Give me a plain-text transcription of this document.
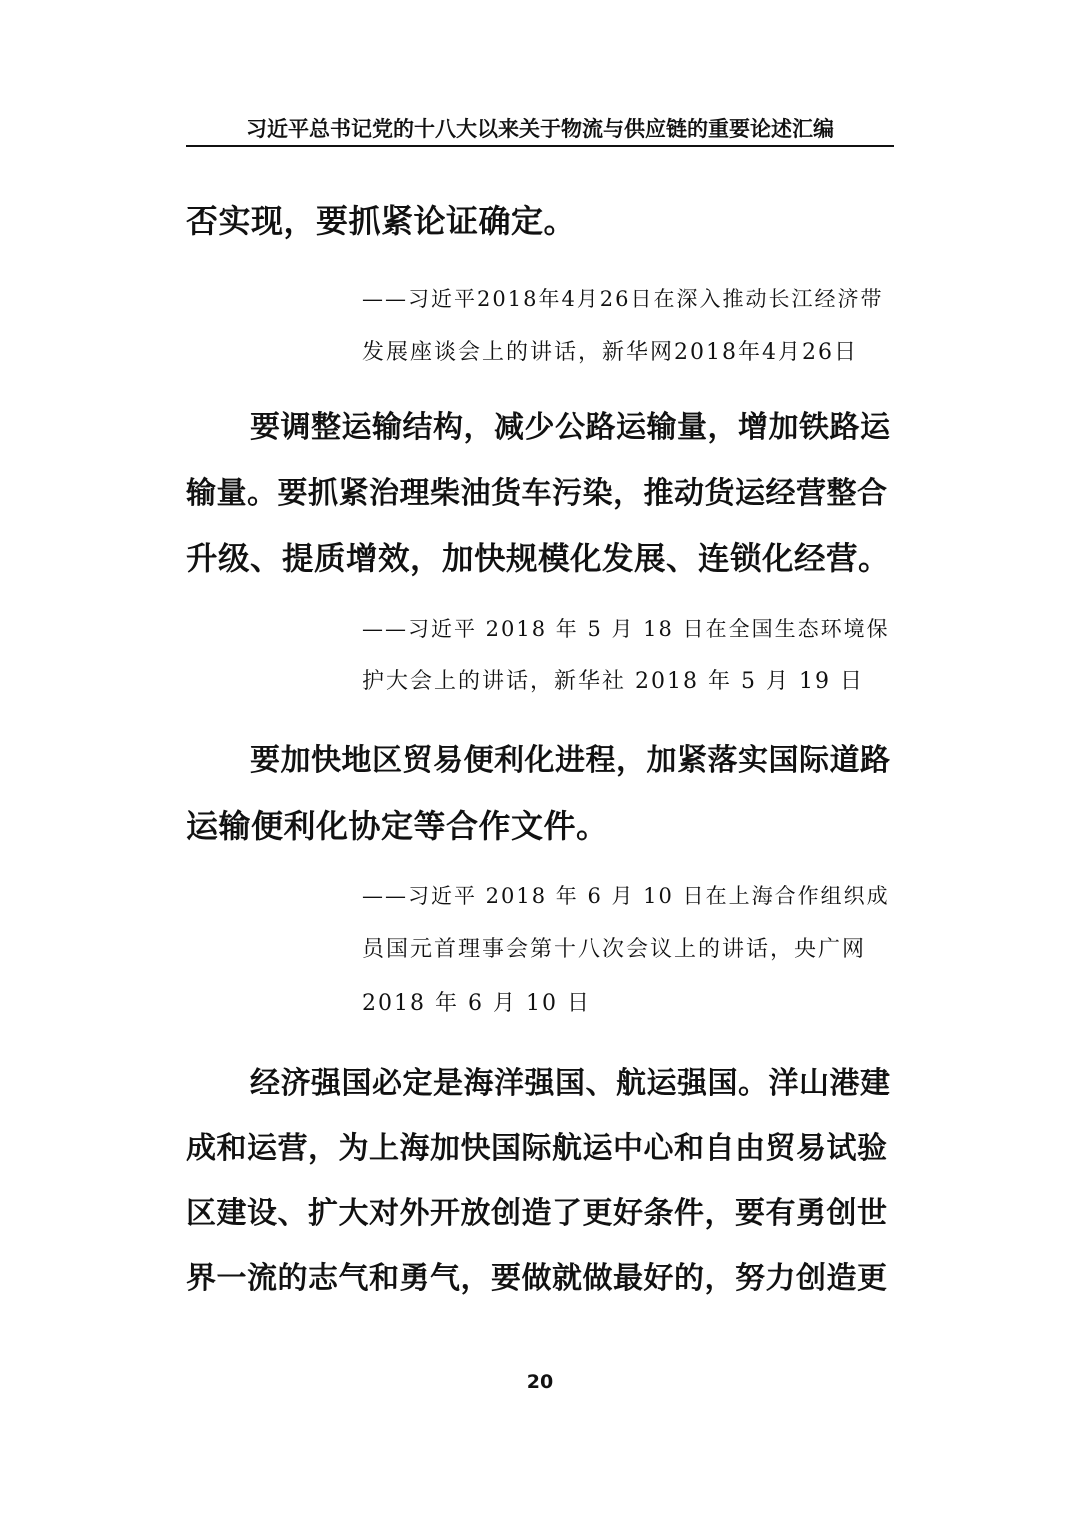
习近平总书记党的十八大以来关于物流与供应链的重要论述汇编
否实现，要抓紧论证确定。
——习近平2018年4月26日在深入推动长江经济带
发展座谈会上的讲话，新华网2018年4月26日
要调整运输结构，减少公路运输量，增加铁路运
输量。要抓紧治理柴油货车污染，推动货运经营整合
升级、提质增效，加快规模化发展、连锁化经营。
——习近平 2018 年 5 月 18 日在全国生态环境保
护大会上的讲话，新华社 2018 年 5 月 19 日
要加快地区贸易便利化进程，加紧落实国际道路
运输便利化协定等合作文件。
——习近平 2018 年 6 月 10 日在上海合作组织成
员国元首理事会第十八次会议上的讲话，央广网
2018 年 6 月 10 日
经济强国必定是海洋强国、航运强国。洋山港建
成和运营，为上海加快国际航运中心和自由贸易试验
区建设、扩大对外开放创造了更好条件，要有勇创世
界一流的志气和勇气，要做就做最好的，努力创造更
20
